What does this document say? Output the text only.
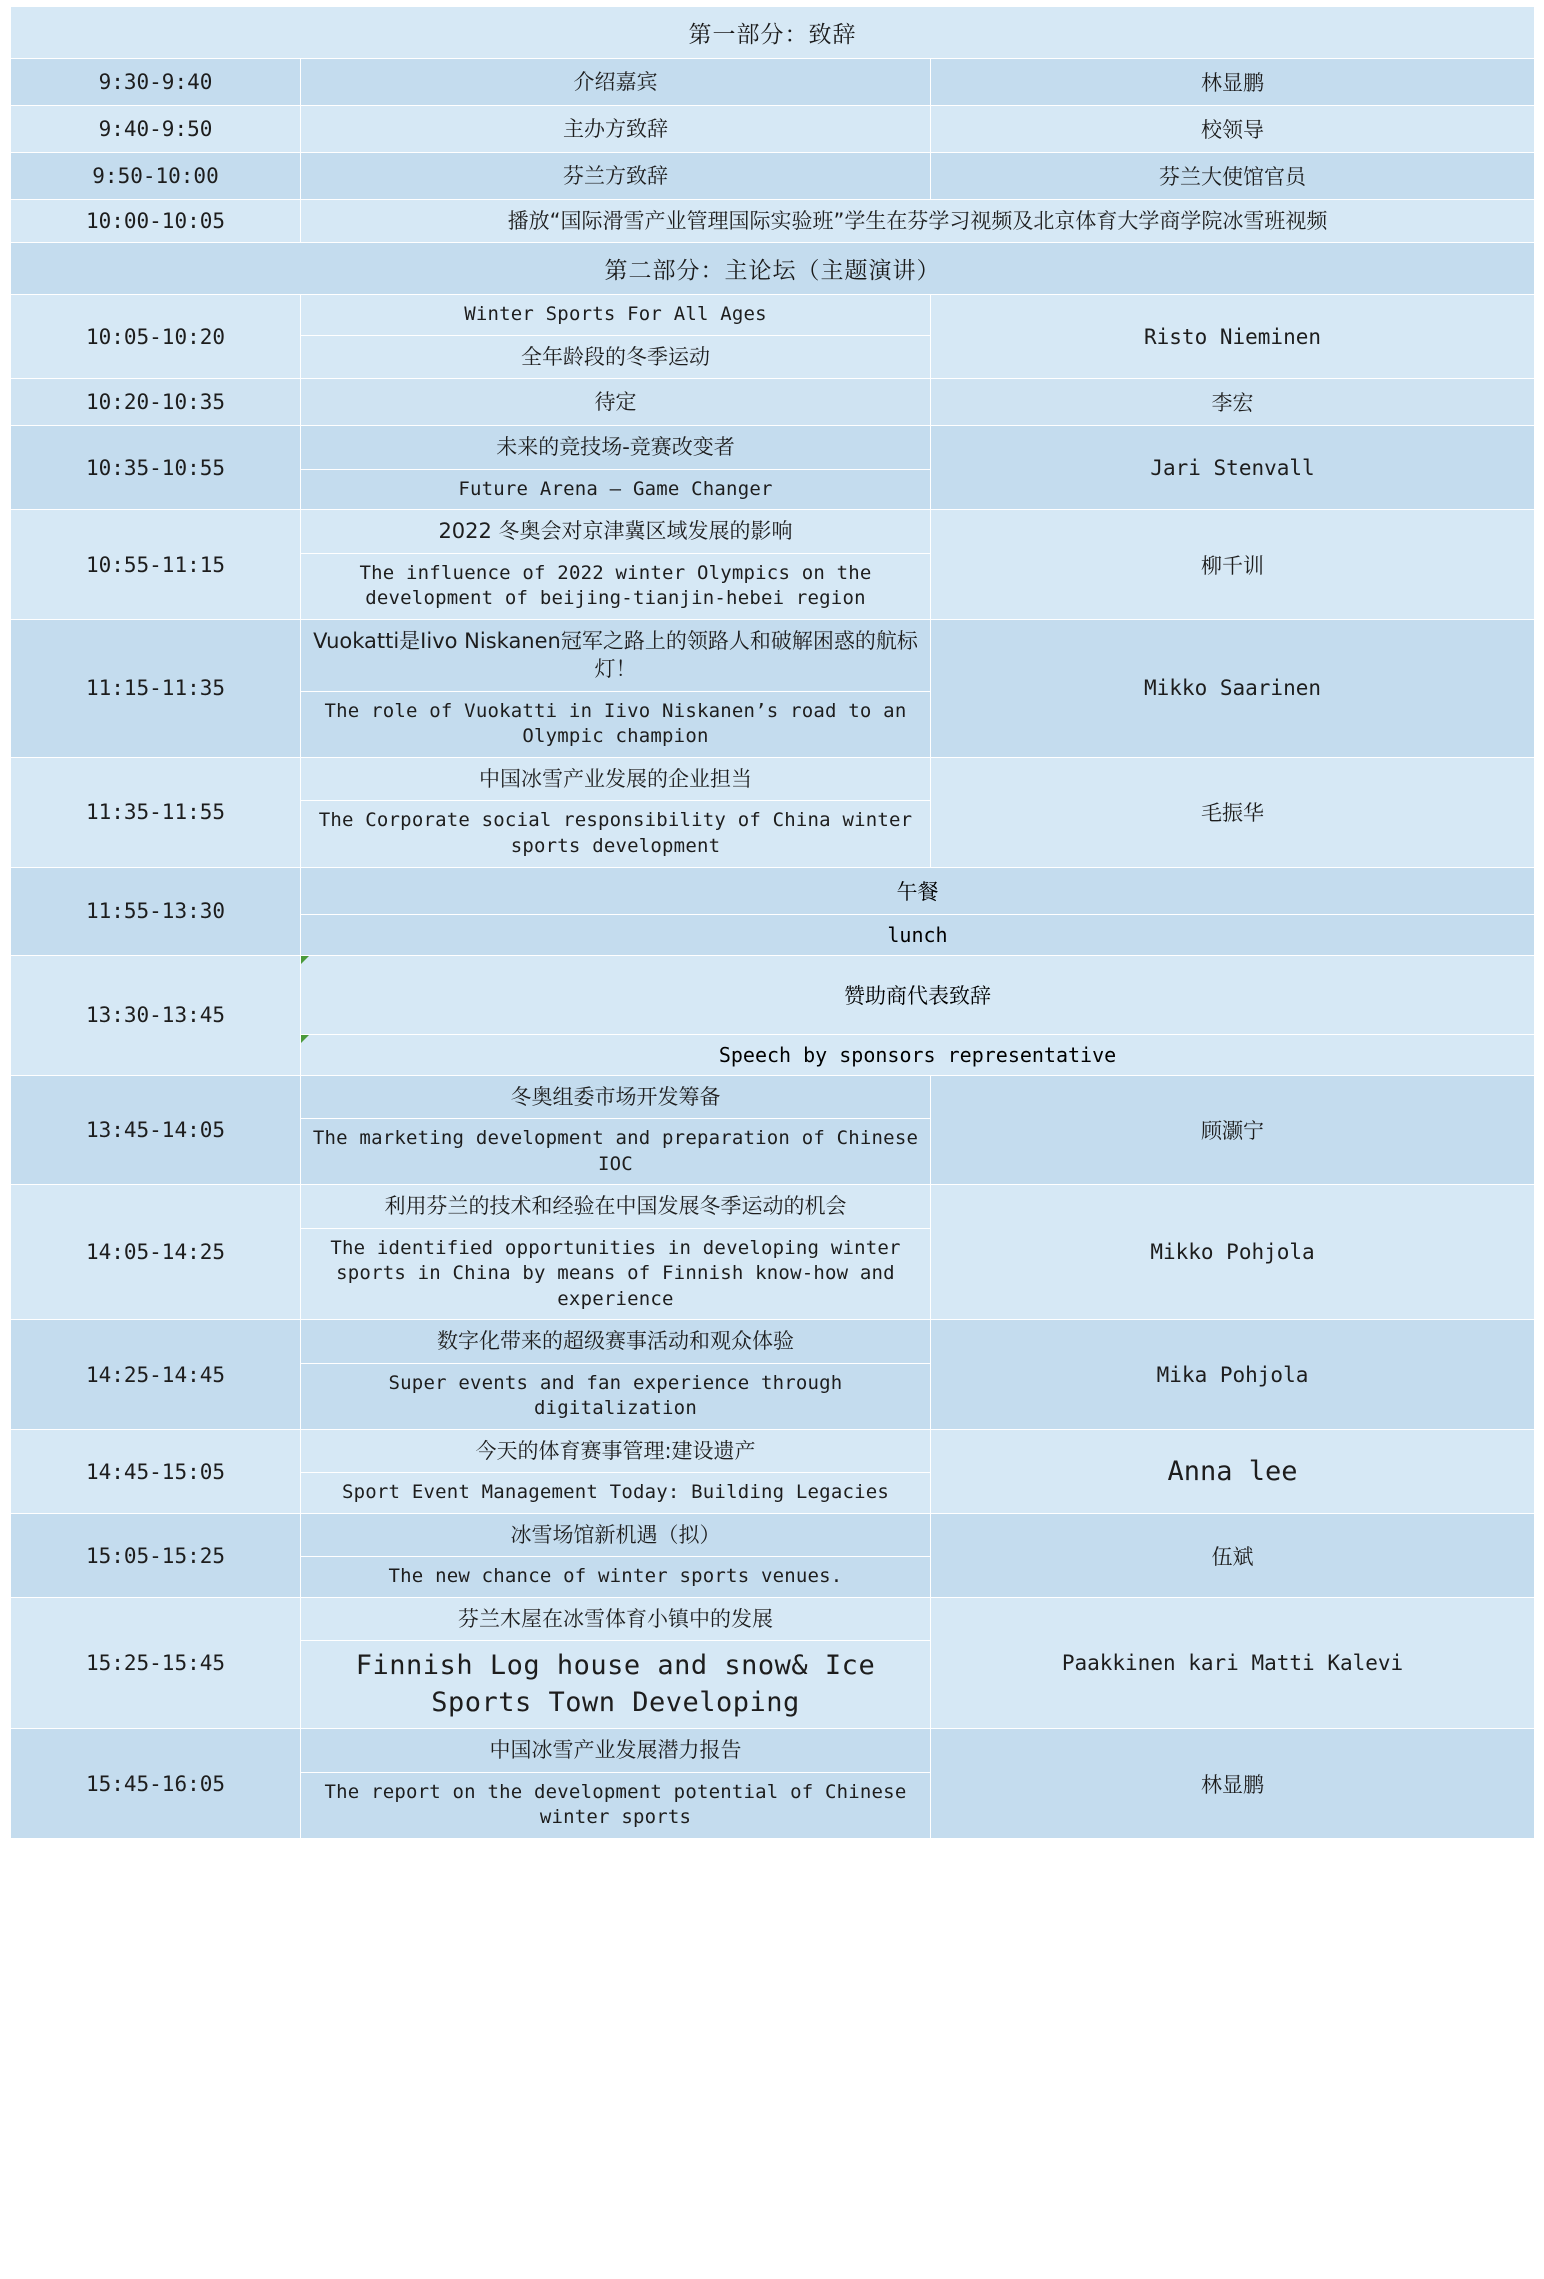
第一部分：致辞		

9:30-9:40	介绍嘉宾	林显鹏

9:40-9:50	主办方致辞	校领导

9:50-10:00	芬兰方致辞	芬兰大使馆官员

10:00-10:05	播放“国际滑雪产业管理国际实验班”学生在芬学习视频及北京体育大学商学院冰雪班视频	

第二部分：主论坛（主题演讲）		

10:05-10:20	Winter Sports For All Ages
全年龄段的冬季运动	Risto Nieminen

10:20-10:35	待定	李宏

10:35-10:55	未来的竞技场-竞赛改变者
Future Arena – Game Changer	Jari Stenvall

10:55-11:15	2022 冬奥会对京津冀区域发展的影响
The influence of 2022 winter Olympics on the development of beijing-tianjin-hebei region	柳千训

11:15-11:35	Vuokatti是Iivo Niskanen冠军之路上的领路人和破解困惑的航标灯！
The role of Vuokatti in Iivo Niskanen’s road to an Olympic champion	Mikko Saarinen

11:35-11:55	中国冰雪产业发展的企业担当
The Corporate social responsibility of China winter sports development	毛振华

11:55-13:30	午餐
lunch	

13:30-13:45	赞助商代表致辞
Speech by sponsors representative	

13:45-14:05	冬奥组委市场开发筹备
The marketing development and preparation of Chinese IOC	顾灏宁

14:05-14:25	利用芬兰的技术和经验在中国发展冬季运动的机会
The identified opportunities in developing winter sports in China by means of Finnish know-how and experience	Mikko Pohjola

14:25-14:45	数字化带来的超级赛事活动和观众体验
Super events and fan experience through digitalization	Mika Pohjola

14:45-15:05	今天的体育赛事管理:建设遗产
Sport Event Management Today: Building Legacies	Anna lee

15:05-15:25	冰雪场馆新机遇（拟）
The new chance of winter sports venues.	伍斌

15:25-15:45	芬兰木屋在冰雪体育小镇中的发展
Finnish Log house and snow& Ice Sports Town Developing	Paakkinen kari Matti Kalevi

15:45-16:05	中国冰雪产业发展潜力报告
The report on the development potential of Chinese winter sports	林显鹏
